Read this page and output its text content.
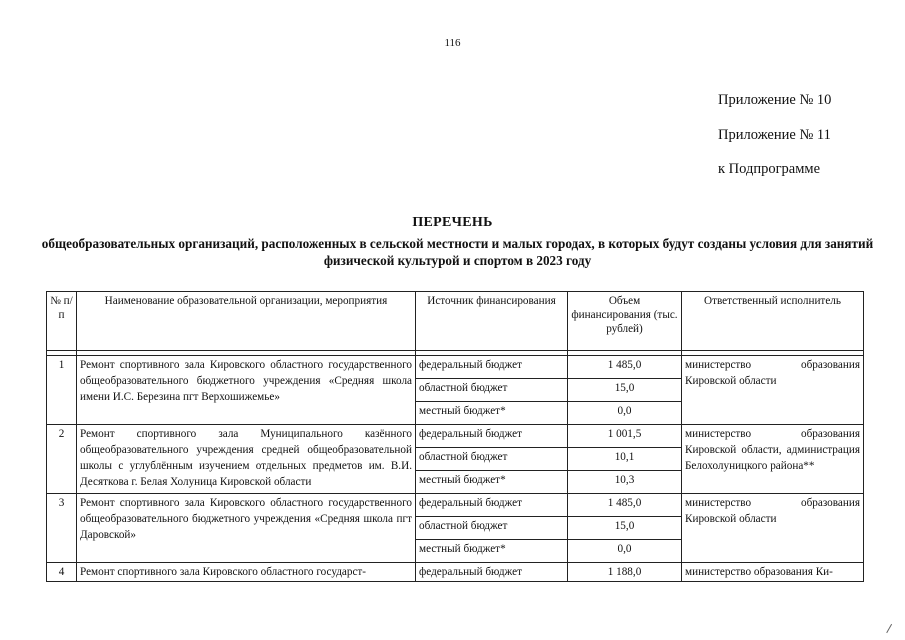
116
Приложение № 10
Приложение № 11
к Подпрограмме
ПЕРЕЧЕНЬ
общеобразовательных организаций, расположенных в сельской местности и малых городах, в которых будут созданы условия для занятий физической культурой и спортом в 2023 году
№ п/п	Наименование образовательной организации, мероприятия	Источник финансирования	Объем финансирования (тыс. рублей)	Ответственный исполнитель

1	Ремонт спортивного зала Кировского областного государственного общеобразовательного бюджетного учреждения «Средняя школа имени И.С. Березина пгт Верхошижемье»	федеральный бюджет	1 485,0	министерство образования Кировской области
		областной бюджет	15,0	
		местный бюджет*	0,0	
2	Ремонт спортивного зала Муниципального казённого общеобразовательного учреждения средней общеобразовательной школы с углублённым изучением отдельных предметов им. В.И. Десяткова г. Белая Холуница Кировской области	федеральный бюджет	1 001,5	министерство образования Кировской области, администрация Белохолуницкого района**
		областной бюджет	10,1	
		местный бюджет*	10,3	
3	Ремонт спортивного зала Кировского областного государственного общеобразовательного бюджетного учреждения «Средняя школа пгт Даровской»	федеральный бюджет	1 485,0	министерство образования Кировской области
		областной бюджет	15,0	
		местный бюджет*	0,0	
4	Ремонт спортивного зала Кировского областного государст-	федеральный бюджет	1 188,0	министерство образования Ки-
